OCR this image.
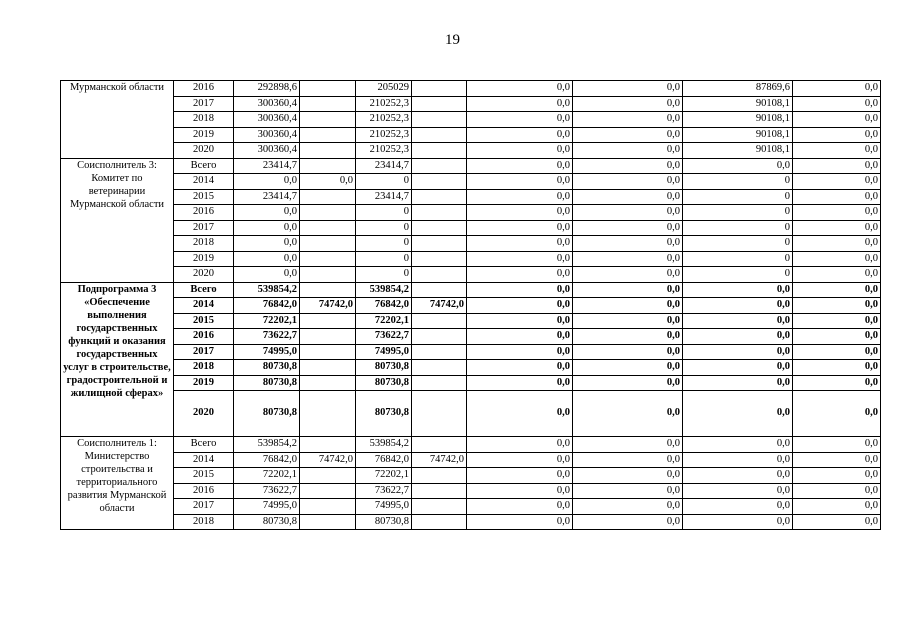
19
Мурманской области	2016	292898,6		205029		0,0	0,0	87869,6	0,0
	2017	300360,4		210252,3		0,0	0,0	90108,1	0,0
	2018	300360,4		210252,3		0,0	0,0	90108,1	0,0
	2019	300360,4		210252,3		0,0	0,0	90108,1	0,0
	2020	300360,4		210252,3		0,0	0,0	90108,1	0,0
Соисполнитель 3: Комитет по ветеринарии Мурманской области	Всего	23414,7		23414,7		0,0	0,0	0,0	0,0
	2014	0,0	0,0	0		0,0	0,0	0	0,0
	2015	23414,7		23414,7		0,0	0,0	0	0,0
	2016	0,0		0		0,0	0,0	0	0,0
	2017	0,0		0		0,0	0,0	0	0,0
	2018	0,0		0		0,0	0,0	0	0,0
	2019	0,0		0		0,0	0,0	0	0,0
	2020	0,0		0		0,0	0,0	0	0,0
Подпрограмма 3 «Обеспечение выполнения государственных функций и оказания государственных услуг в строительстве, градостроительной и жилищной сферах»	Всего	539854,2		539854,2		0,0	0,0	0,0	0,0
	2014	76842,0	74742,0	76842,0	74742,0	0,0	0,0	0,0	0,0
	2015	72202,1		72202,1		0,0	0,0	0,0	0,0
	2016	73622,7		73622,7		0,0	0,0	0,0	0,0
	2017	74995,0		74995,0		0,0	0,0	0,0	0,0
	2018	80730,8		80730,8		0,0	0,0	0,0	0,0
	2019	80730,8		80730,8		0,0	0,0	0,0	0,0
	2020	80730,8		80730,8		0,0	0,0	0,0	0,0
Соисполнитель 1: Министерство строительства и территориального развития Мурманской области	Всего	539854,2		539854,2		0,0	0,0	0,0	0,0
	2014	76842,0	74742,0	76842,0	74742,0	0,0	0,0	0,0	0,0
	2015	72202,1		72202,1		0,0	0,0	0,0	0,0
	2016	73622,7		73622,7		0,0	0,0	0,0	0,0
	2017	74995,0		74995,0		0,0	0,0	0,0	0,0
	2018	80730,8		80730,8		0,0	0,0	0,0	0,0
